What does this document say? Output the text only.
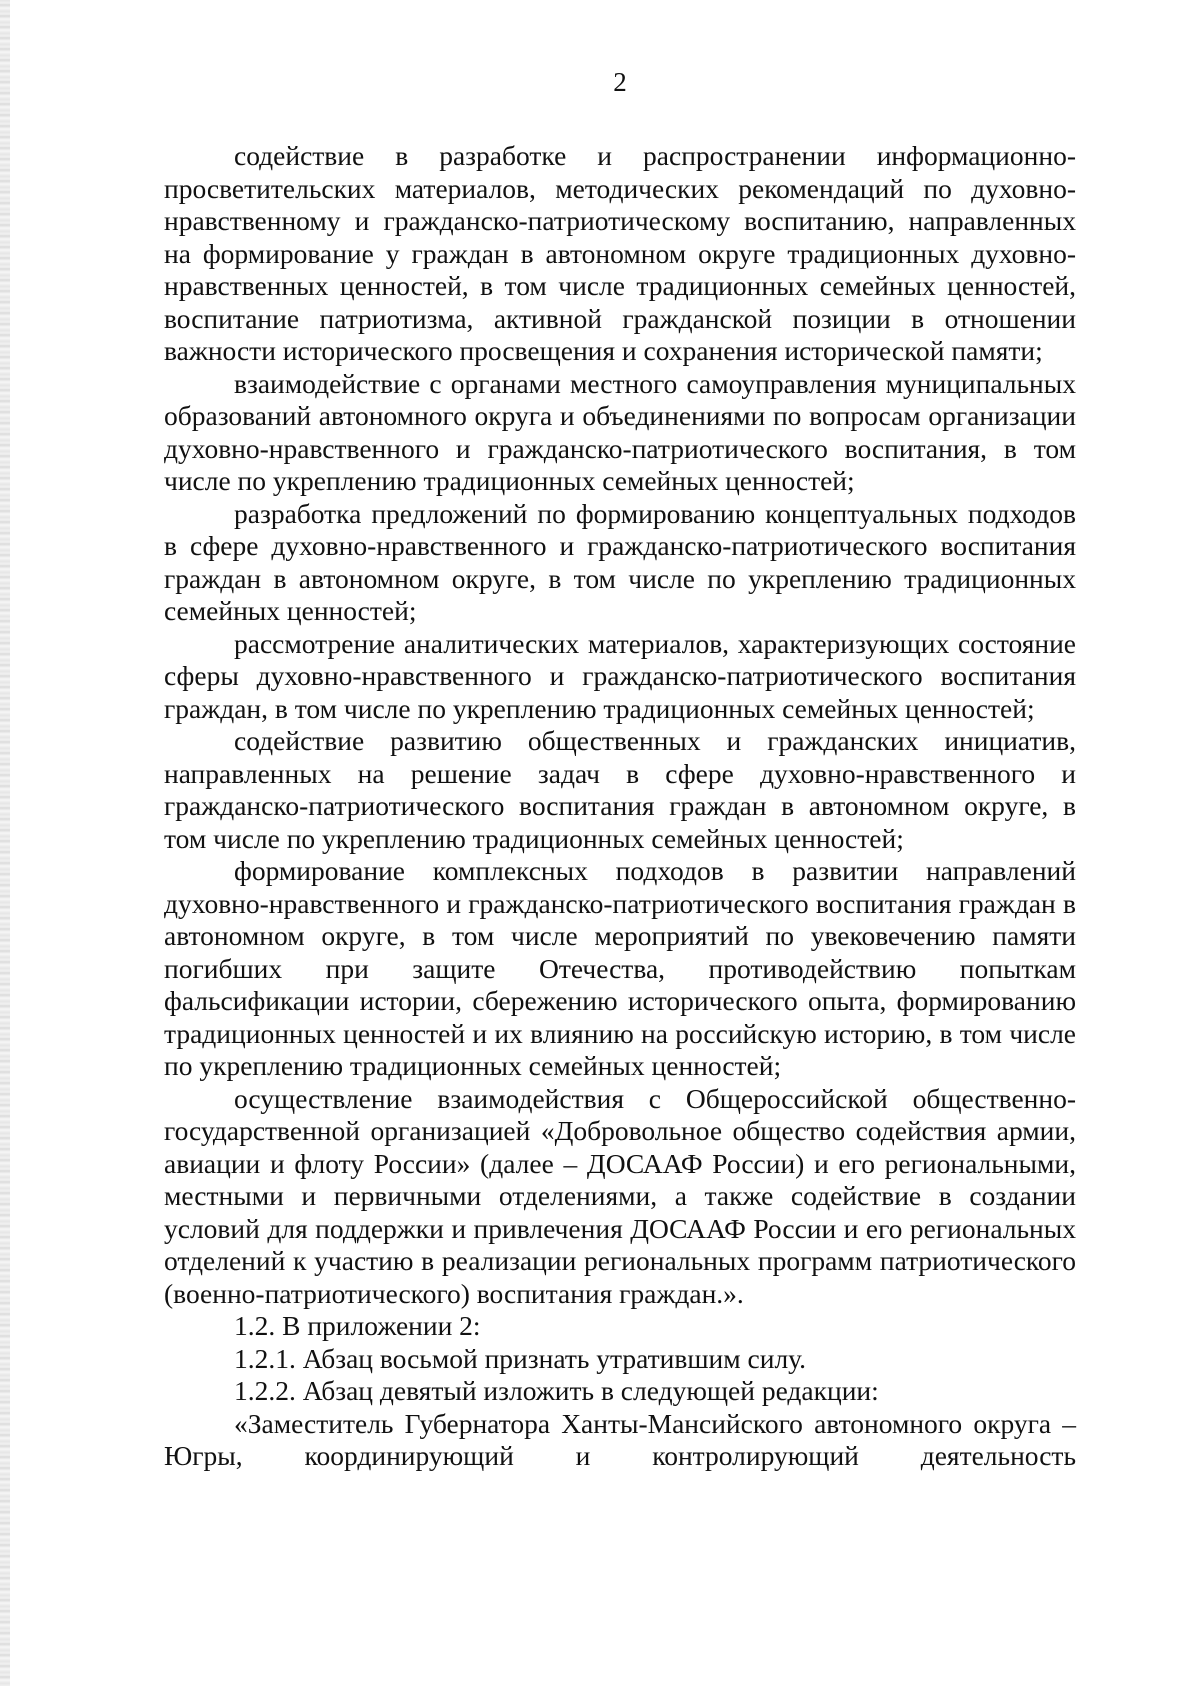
2

содействие в разработке и распространении информационно-просветительских материалов, методических рекомендаций по духовно-нравственному и гражданско-патриотическому воспитанию, направленных на формирование у граждан в автономном округе традиционных духовно-нравственных ценностей, в том числе традиционных семейных ценностей, воспитание патриотизма, активной гражданской позиции в отношении важности исторического просвещения и сохранения исторической памяти;

взаимодействие с органами местного самоуправления муниципальных образований автономного округа и объединениями по вопросам организации духовно-нравственного и гражданско-патриотического воспитания, в том числе по укреплению традиционных семейных ценностей;

разработка предложений по формированию концептуальных подходов в сфере духовно-нравственного и гражданско-патриотического воспитания граждан в автономном округе, в том числе по укреплению традиционных семейных ценностей;

рассмотрение аналитических материалов, характеризующих состояние сферы духовно-нравственного и гражданско-патриотического воспитания граждан, в том числе по укреплению традиционных семейных ценностей;

содействие развитию общественных и гражданских инициатив, направленных на решение задач в сфере духовно-нравственного и гражданско-патриотического воспитания граждан в автономном округе, в том числе по укреплению традиционных семейных ценностей;

формирование комплексных подходов в развитии направлений духовно-нравственного и гражданско-патриотического воспитания граждан в автономном округе, в том числе мероприятий по увековечению памяти погибших при защите Отечества, противодействию попыткам фальсификации истории, сбережению исторического опыта, формированию традиционных ценностей и их влиянию на российскую историю, в том числе по укреплению традиционных семейных ценностей;

осуществление взаимодействия с Общероссийской общественно-государственной организацией «Добровольное общество содействия армии, авиации и флоту России» (далее – ДОСААФ России) и его региональными, местными и первичными отделениями, а также содействие в создании условий для поддержки и привлечения ДОСААФ России и его региональных отделений к участию в реализации региональных программ патриотического (военно-патриотического) воспитания граждан.».

1.2. В приложении 2:

1.2.1. Абзац восьмой признать утратившим силу.

1.2.2. Абзац девятый изложить в следующей редакции:

«Заместитель Губернатора Ханты-Мансийского автономного округа – Югры, координирующий и контролирующий деятельность
